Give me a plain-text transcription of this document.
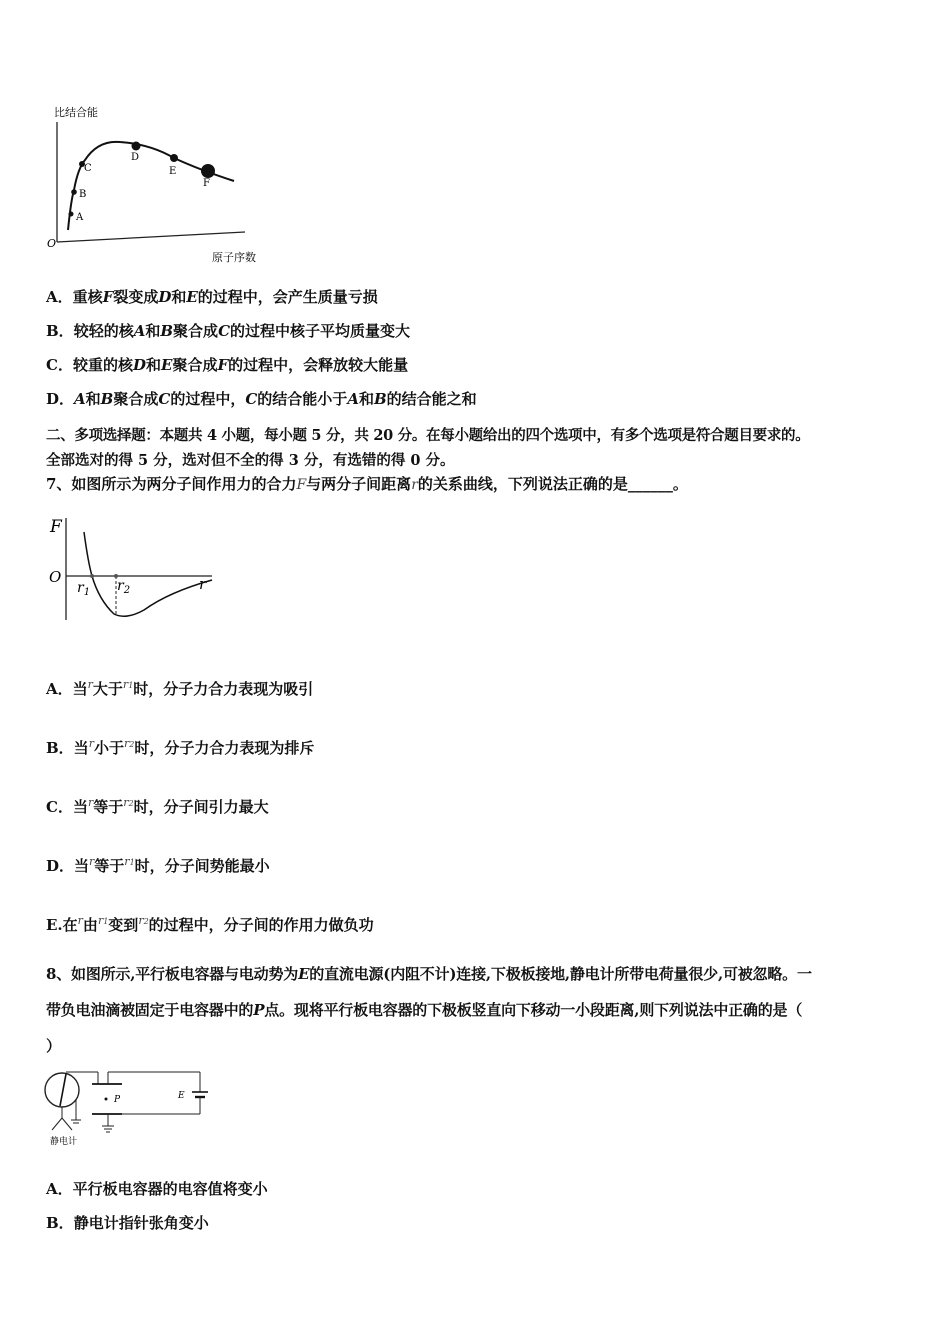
比结合能
原子序数
O
A
B
C
D
E
F
A．重核F裂变成D和E的过程中，会产生质量亏损
B．较轻的核A和B聚合成C的过程中核子平均质量变大
C．较重的核D和E聚合成F的过程中，会释放较大能量
D．A和B聚合成C的过程中，C的结合能小于A和B的结合能之和
二、多项选择题：本题共 4 小题，每小题 5 分，共 20 分。在每小题给出的四个选项中，有多个选项是符合题目要求的。
全部选对的得 5 分，选对但不全的得 3 分，有选错的得 0 分。
7、如图所示为两分子间作用力的合力F与两分子间距离r的关系曲线，下列说法正确的是______。
F
O	r
$r_1$ $r_2$
A．当$^r$大于$^{r1}$时，分子力合力表现为吸引
B．当$^r$小于$^{r2}$时，分子力合力表现为排斥
C．当$^r$等于$^{r2}$时，分子间引力最大
D．当$^r$等于$^{r1}$时，分子间势能最小
E.在$^r$由$^{r1}$变到$^{r2}$的过程中，分子间的作用力做负功
8、如图所示,平行板电容器与电动势为E的直流电源(内阻不计)连接,下极板接地,静电计所带电荷量很少,可被忽略。一
带负电油滴被固定于电容器中的P点。现将平行板电容器的下极板竖直向下移动一小段距离,则下列说法中正确的是（
）
静电计
P	E
A．平行板电容器的电容值将变小
B．静电计指针张角变小
